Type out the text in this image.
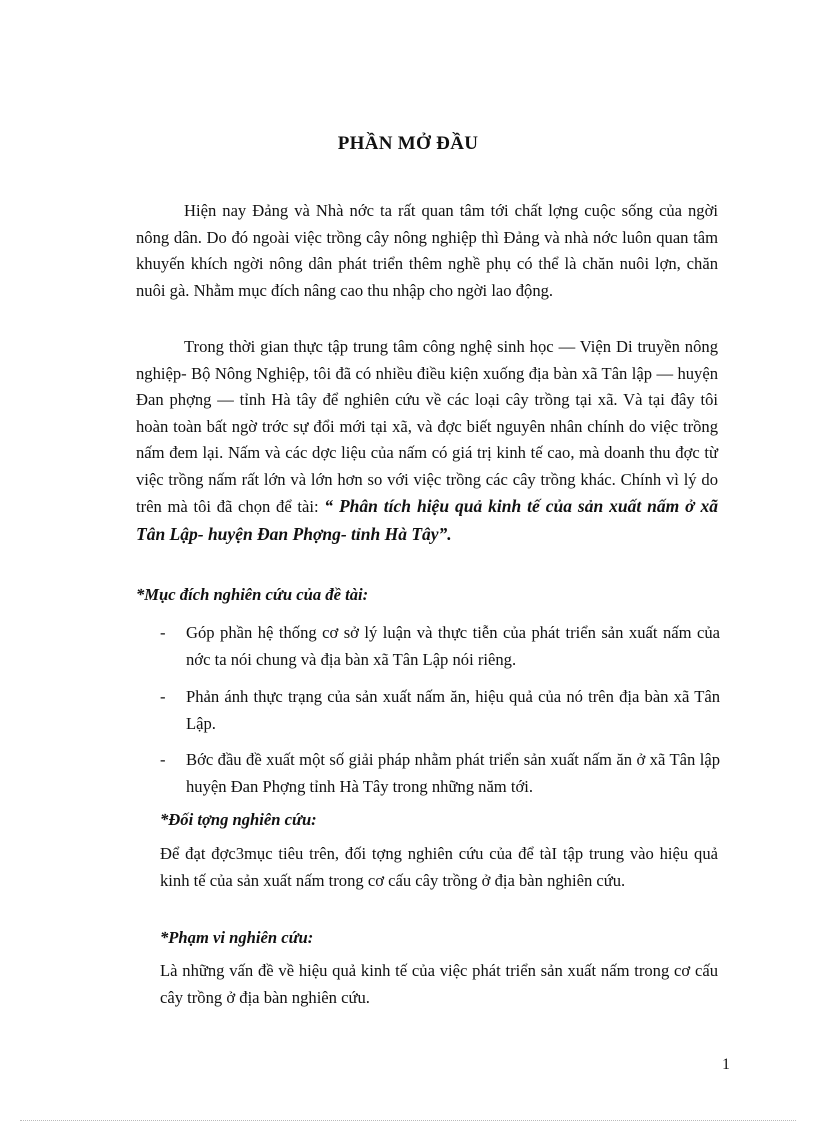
PHẦN MỞ ĐẦU

Hiện nay Đảng và Nhà nớc ta rất quan tâm tới chất lợng cuộc sống của ngời nông dân. Do đó ngoài việc trồng cây nông nghiệp thì Đảng và nhà nớc luôn quan tâm khuyến khích ngời nông dân phát triển thêm nghề phụ có thể là chăn nuôi lợn, chăn nuôi gà. Nhằm mục đích nâng cao thu nhập cho ngời lao động.

Trong thời gian thực tập trung tâm công nghệ sinh học — Viện Di truyền nông nghiệp- Bộ Nông Nghiệp, tôi đã có nhiều điều kiện xuống địa bàn xã Tân lập — huyện Đan phợng — tỉnh Hà tây để nghiên cứu về các loại cây trồng tại xã. Và tại đây tôi hoàn toàn bất ngờ trớc sự đổi mới tại xã, và đợc biết nguyên nhân chính do việc trồng nấm đem lại. Nấm và các dợc liệu của nấm có giá trị kinh tế cao, mà doanh thu đợc từ việc trồng nấm rất lớn và lớn hơn so với việc trồng các cây trồng khác. Chính vì lý do trên mà tôi đã chọn để tài: “ Phân tích hiệu quả kinh tế của sản xuất nấm ở xã Tân Lập- huyện Đan Phợng- tỉnh Hà Tây”.

*Mục đích nghiên cứu của đề tài:
-	Góp phần hệ thống cơ sở lý luận và thực tiễn của phát triển sản xuất nấm của nớc ta nói chung và địa bàn xã Tân Lập nói riêng.
-	Phản ánh thực trạng của sản xuất nấm ăn, hiệu quả của nó trên địa bàn xã Tân Lập.
-	Bớc đầu đề xuất một số giải pháp nhằm phát triển sản xuất nấm ăn ở xã Tân lập huyện Đan Phợng tỉnh Hà Tây trong những năm tới.
*Đối tợng nghiên cứu:

Để đạt đợc3mục tiêu trên, đối tợng nghiên cứu của để tàI tập trung vào hiệu quả kinh tế của sản xuất nấm trong cơ cấu cây trồng ở địa bàn nghiên cứu.

*Phạm vi nghiên cứu:

Là những vấn đề về hiệu quả kinh tế của việc phát triển sản xuất nấm trong cơ cấu cây trồng ở địa bàn nghiên cứu.

1
